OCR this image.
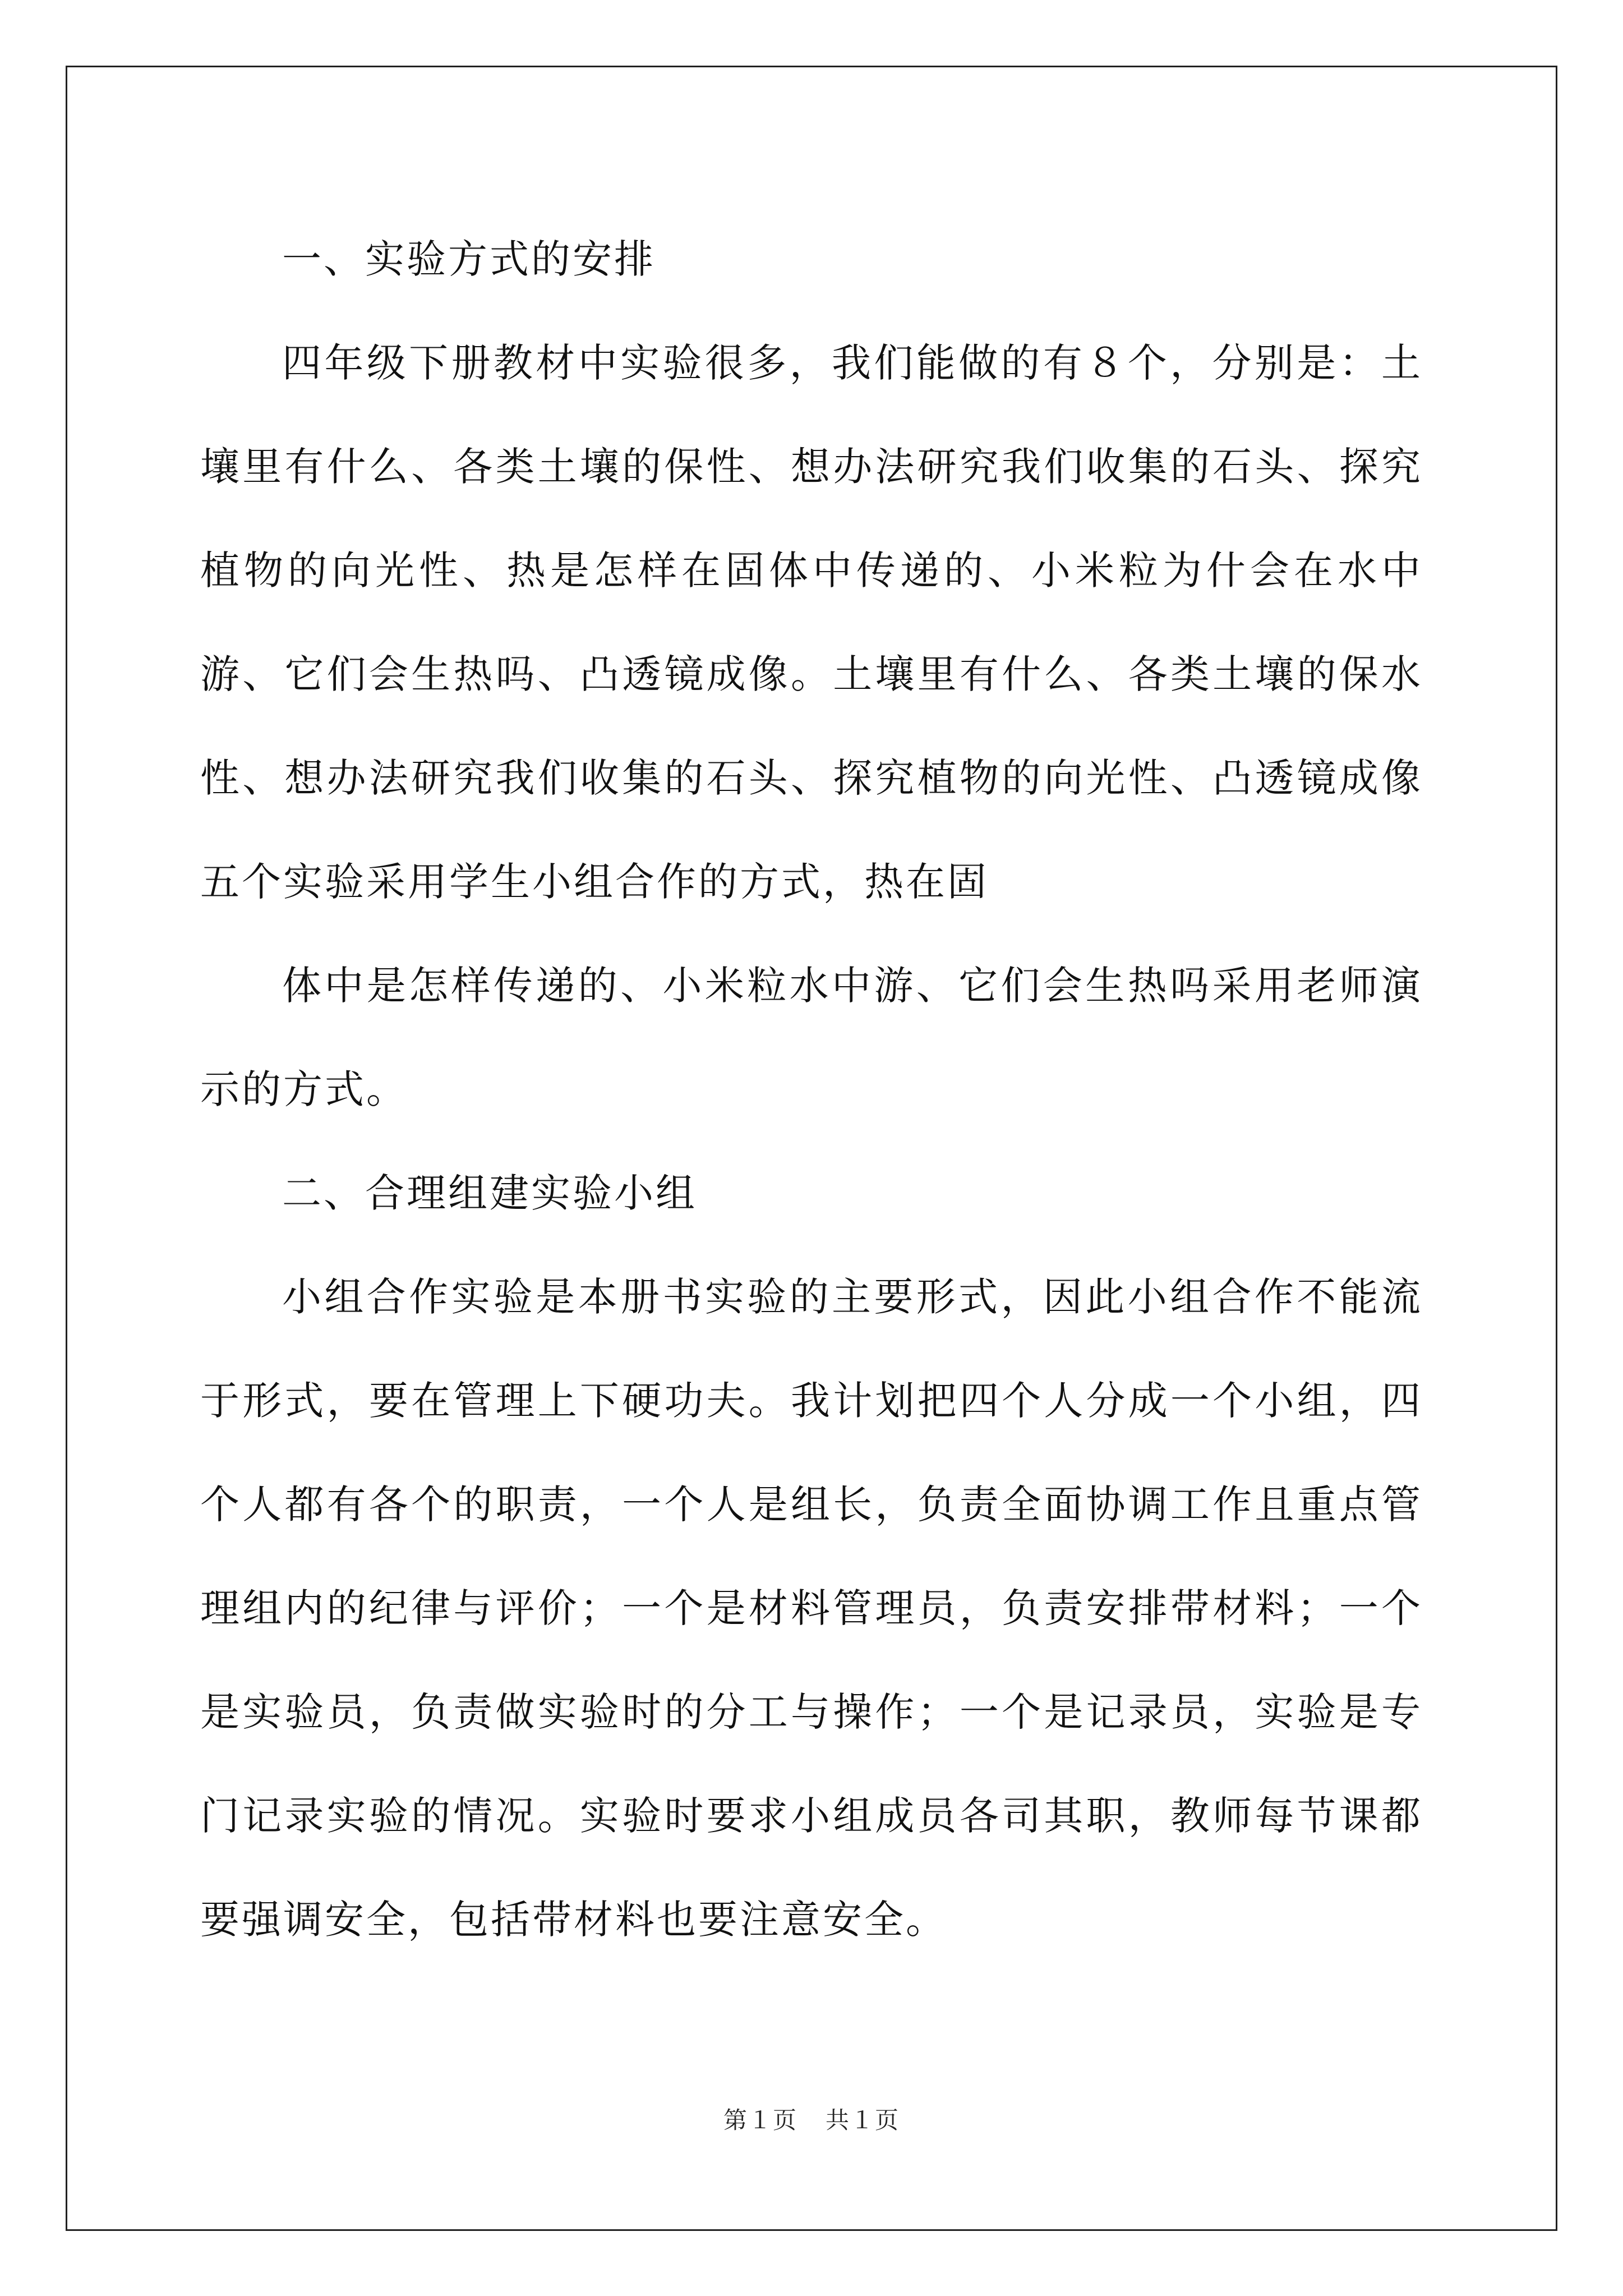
一、实验方式的安排

四年级下册教材中实验很多，我们能做的有８个，分别是：土壤里有什么、各类土壤的保性、想办法研究我们收集的石头、探究植物的向光性、热是怎样在固体中传递的、小米粒为什会在水中游、它们会生热吗、凸透镜成像。土壤里有什么、各类土壤的保水性、想办法研究我们收集的石头、探究植物的向光性、凸透镜成像五个实验采用学生小组合作的方式，热在固

体中是怎样传递的、小米粒水中游、它们会生热吗采用老师演示的方式。

二、合理组建实验小组

小组合作实验是本册书实验的主要形式，因此小组合作不能流于形式，要在管理上下硬功夫。我计划把四个人分成一个小组，四个人都有各个的职责，一个人是组长，负责全面协调工作且重点管理组内的纪律与评价；一个是材料管理员，负责安排带材料；一个是实验员，负责做实验时的分工与操作；一个是记录员，实验是专门记录实验的情况。实验时要求小组成员各司其职，教师每节课都要强调安全，包括带材料也要注意安全。

第１页 共１页
